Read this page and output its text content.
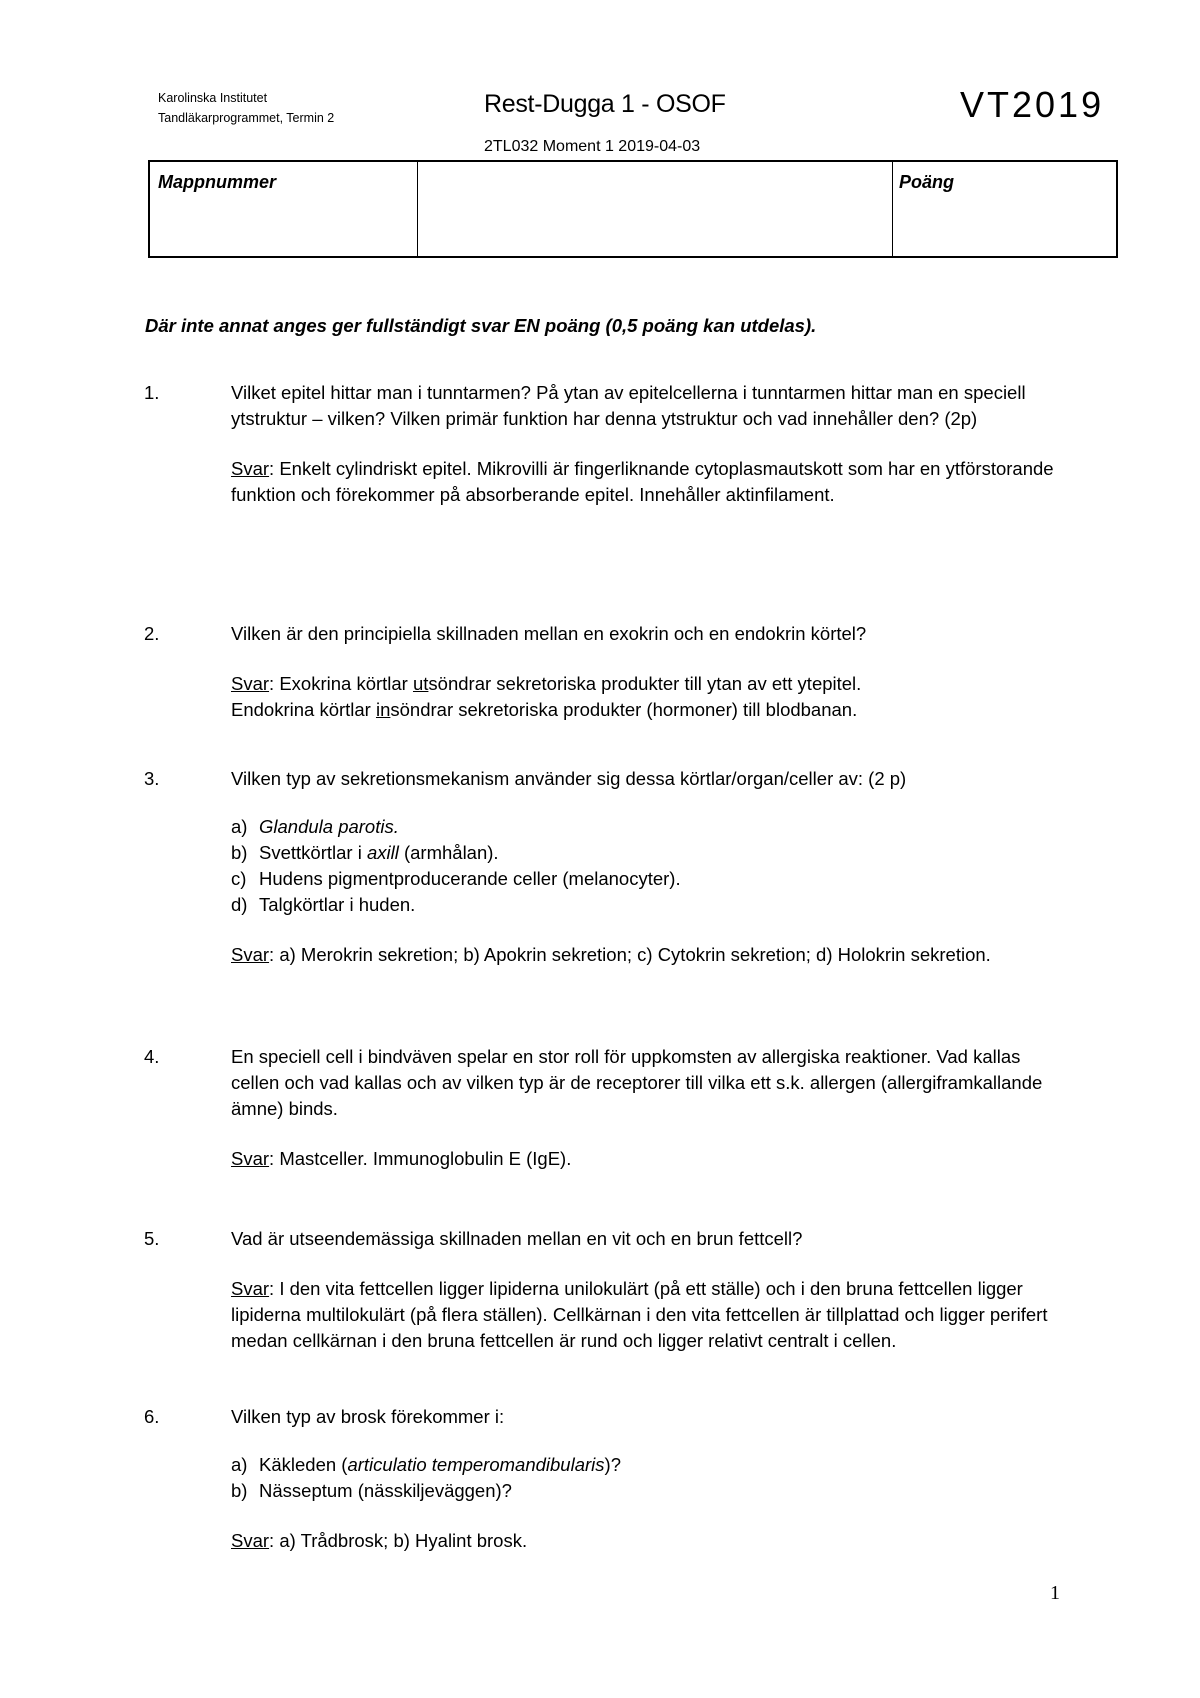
Karolinska Institutet
Tandläkarprogrammet, Termin 2	Rest-Dugga 1 - OSOF	VT2019
2TL032 Moment 1 2019-04-03
Mappnummer	Poäng
Där inte annat anges ger fullständigt svar EN poäng (0,5 poäng kan utdelas).
1.	Vilket epitel hittar man i tunntarmen? På ytan av epitelcellerna i tunntarmen hittar man en speciell ytstruktur – vilken? Vilken primär funktion har denna ytstruktur och vad innehåller den? (2p)

Svar: Enkelt cylindriskt epitel. Mikrovilli är fingerliknande cytoplasmautskott som har en ytförstorande funktion och förekommer på absorberande epitel. Innehåller aktinfilament.

2.	Vilken är den principiella skillnaden mellan en exokrin och en endokrin körtel?

Svar: Exokrina körtlar utsöndrar sekretoriska produkter till ytan av ett ytepitel.
Endokrina körtlar insöndrar sekretoriska produkter (hormoner) till blodbanan.

3.	Vilken typ av sekretionsmekanism använder sig dessa körtlar/organ/celler av: (2 p)

a) Glandula parotis.
b) Svettkörtlar i axill (armhålan).
c) Hudens pigmentproducerande celler (melanocyter).
d) Talgkörtlar i huden.

Svar: a) Merokrin sekretion; b) Apokrin sekretion; c) Cytokrin sekretion; d) Holokrin sekretion.

4.	En speciell cell i bindväven spelar en stor roll för uppkomsten av allergiska reaktioner. Vad kallas cellen och vad kallas och av vilken typ är de receptorer till vilka ett s.k. allergen (allergiframkallande ämne) binds.

Svar: Mastceller. Immunoglobulin E (IgE).

5.	Vad är utseendemässiga skillnaden mellan en vit och en brun fettcell?

Svar: I den vita fettcellen ligger lipiderna unilokulärt (på ett ställe) och i den bruna fettcellen ligger lipiderna multilokulärt (på flera ställen). Cellkärnan i den vita fettcellen är tillplattad och ligger perifert medan cellkärnan i den bruna fettcellen är rund och ligger relativt centralt i cellen.

6.	Vilken typ av brosk förekommer i:

a) Käkleden (articulatio temperomandibularis)?
b) Nässeptum (nässkiljeväggen)?

Svar: a) Trådbrosk; b) Hyalint brosk.

1
